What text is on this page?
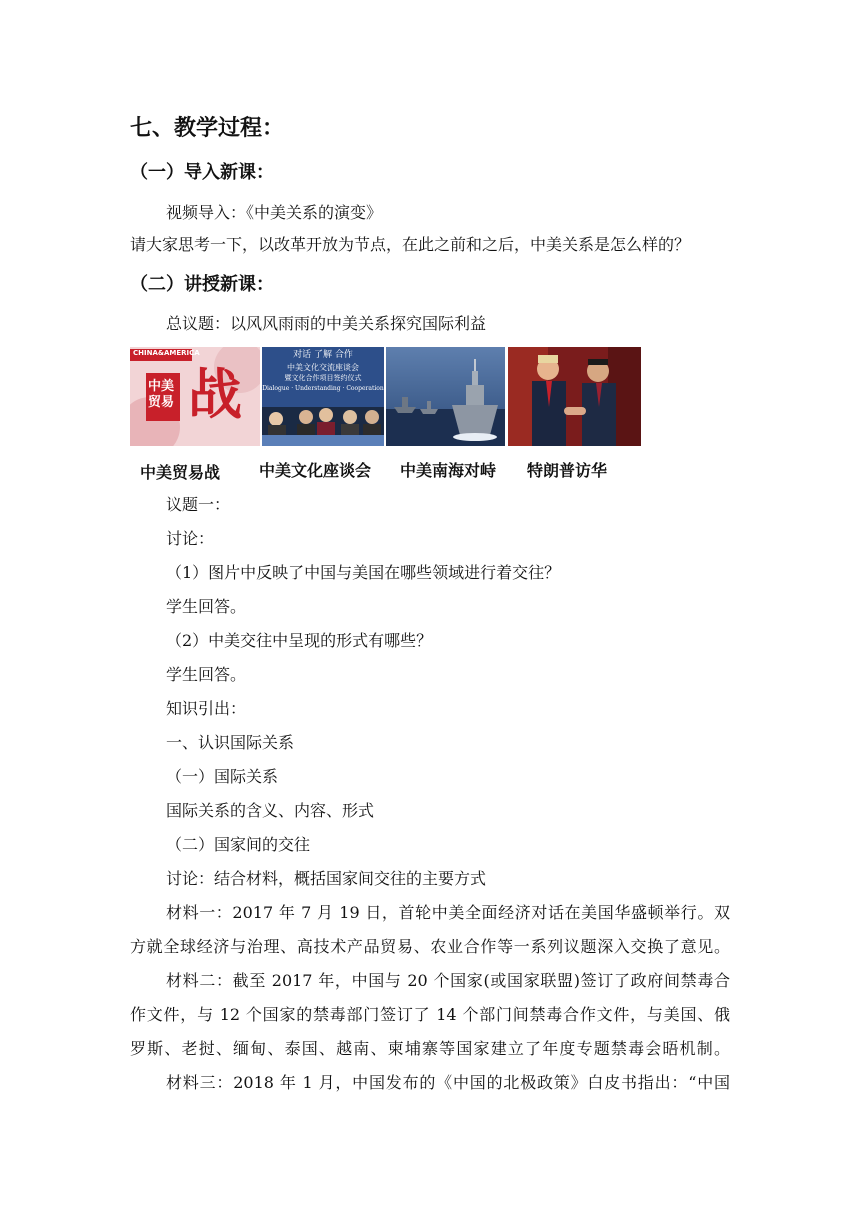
七、教学过程：
（一）导入新课：
视频导入：《中美关系的演变》
请大家思考一下，以改革开放为节点，在此之前和之后，中美关系是怎么样的？
（二）讲授新课：
总议题：以风风雨雨的中美关系探究国际利益
CHINA&AMERICA
中美 贸易 战
对话 了解 合作
中美文化交流座谈会
暨文化合作项目签约仪式
Dialogue · Understanding · Cooperation
中美贸易战 中美文化座谈会 中美南海对峙 特朗普访华
议题一：
讨论：
（1）图片中反映了中国与美国在哪些领域进行着交往？
学生回答。
（2）中美交往中呈现的形式有哪些？
学生回答。
知识引出：
一、认识国际关系
（一）国际关系
国际关系的含义、内容、形式
（二）国家间的交往
讨论：结合材料，概括国家间交往的主要方式
材料一：2017 年 7 月 19 日，首轮中美全面经济对话在美国华盛顿举行。双
方就全球经济与治理、高技术产品贸易、农业合作等一系列议题深入交换了意见。
材料二：截至 2017 年，中国与 20 个国家(或国家联盟)签订了政府间禁毒合
作文件，与 12 个国家的禁毒部门签订了 14 个部门间禁毒合作文件，与美国、俄
罗斯、老挝、缅甸、泰国、越南、柬埔寨等国家建立了年度专题禁毒会晤机制。
材料三：2018 年 1 月，中国发布的《中国的北极政策》白皮书指出：“中国
